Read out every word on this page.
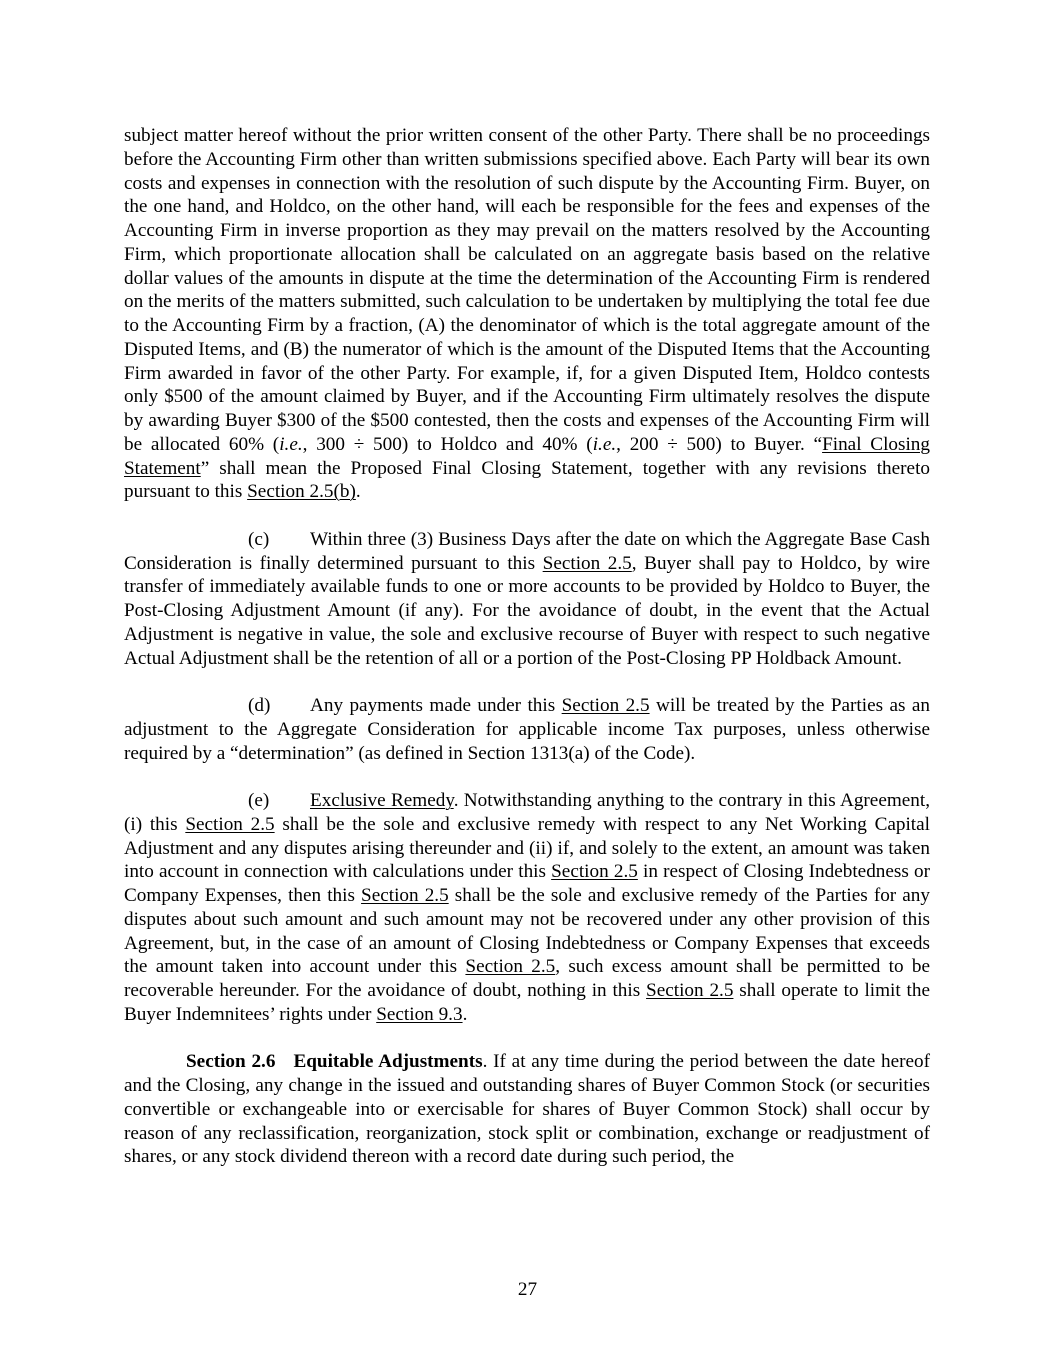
subject matter hereof without the prior written consent of the other Party. There shall be no proceedings before the Accounting Firm other than written submissions specified above. Each Party will bear its own costs and expenses in connection with the resolution of such dispute by the Accounting Firm. Buyer, on the one hand, and Holdco, on the other hand, will each be responsible for the fees and expenses of the Accounting Firm in inverse proportion as they may prevail on the matters resolved by the Accounting Firm, which proportionate allocation shall be calculated on an aggregate basis based on the relative dollar values of the amounts in dispute at the time the determination of the Accounting Firm is rendered on the merits of the matters submitted, such calculation to be undertaken by multiplying the total fee due to the Accounting Firm by a fraction, (A) the denominator of which is the total aggregate amount of the Disputed Items, and (B) the numerator of which is the amount of the Disputed Items that the Accounting Firm awarded in favor of the other Party. For example, if, for a given Disputed Item, Holdco contests only $500 of the amount claimed by Buyer, and if the Accounting Firm ultimately resolves the dispute by awarding Buyer $300 of the $500 contested, then the costs and expenses of the Accounting Firm will be allocated 60% (i.e., 300 ÷ 500) to Holdco and 40% (i.e., 200 ÷ 500) to Buyer. “Final Closing Statement” shall mean the Proposed Final Closing Statement, together with any revisions thereto pursuant to this Section 2.5(b).

(c) Within three (3) Business Days after the date on which the Aggregate Base Cash Consideration is finally determined pursuant to this Section 2.5, Buyer shall pay to Holdco, by wire transfer of immediately available funds to one or more accounts to be provided by Holdco to Buyer, the Post-Closing Adjustment Amount (if any). For the avoidance of doubt, in the event that the Actual Adjustment is negative in value, the sole and exclusive recourse of Buyer with respect to such negative Actual Adjustment shall be the retention of all or a portion of the Post-Closing PP Holdback Amount.

(d) Any payments made under this Section 2.5 will be treated by the Parties as an adjustment to the Aggregate Consideration for applicable income Tax purposes, unless otherwise required by a “determination” (as defined in Section 1313(a) of the Code).

(e) Exclusive Remedy. Notwithstanding anything to the contrary in this Agreement, (i) this Section 2.5 shall be the sole and exclusive remedy with respect to any Net Working Capital Adjustment and any disputes arising thereunder and (ii) if, and solely to the extent, an amount was taken into account in connection with calculations under this Section 2.5 in respect of Closing Indebtedness or Company Expenses, then this Section 2.5 shall be the sole and exclusive remedy of the Parties for any disputes about such amount and such amount may not be recovered under any other provision of this Agreement, but, in the case of an amount of Closing Indebtedness or Company Expenses that exceeds the amount taken into account under this Section 2.5, such excess amount shall be permitted to be recoverable hereunder. For the avoidance of doubt, nothing in this Section 2.5 shall operate to limit the Buyer Indemnitees’ rights under Section 9.3.

Section 2.6 Equitable Adjustments. If at any time during the period between the date hereof and the Closing, any change in the issued and outstanding shares of Buyer Common Stock (or securities convertible or exchangeable into or exercisable for shares of Buyer Common Stock) shall occur by reason of any reclassification, reorganization, stock split or combination, exchange or readjustment of shares, or any stock dividend thereon with a record date during such period, the

27
